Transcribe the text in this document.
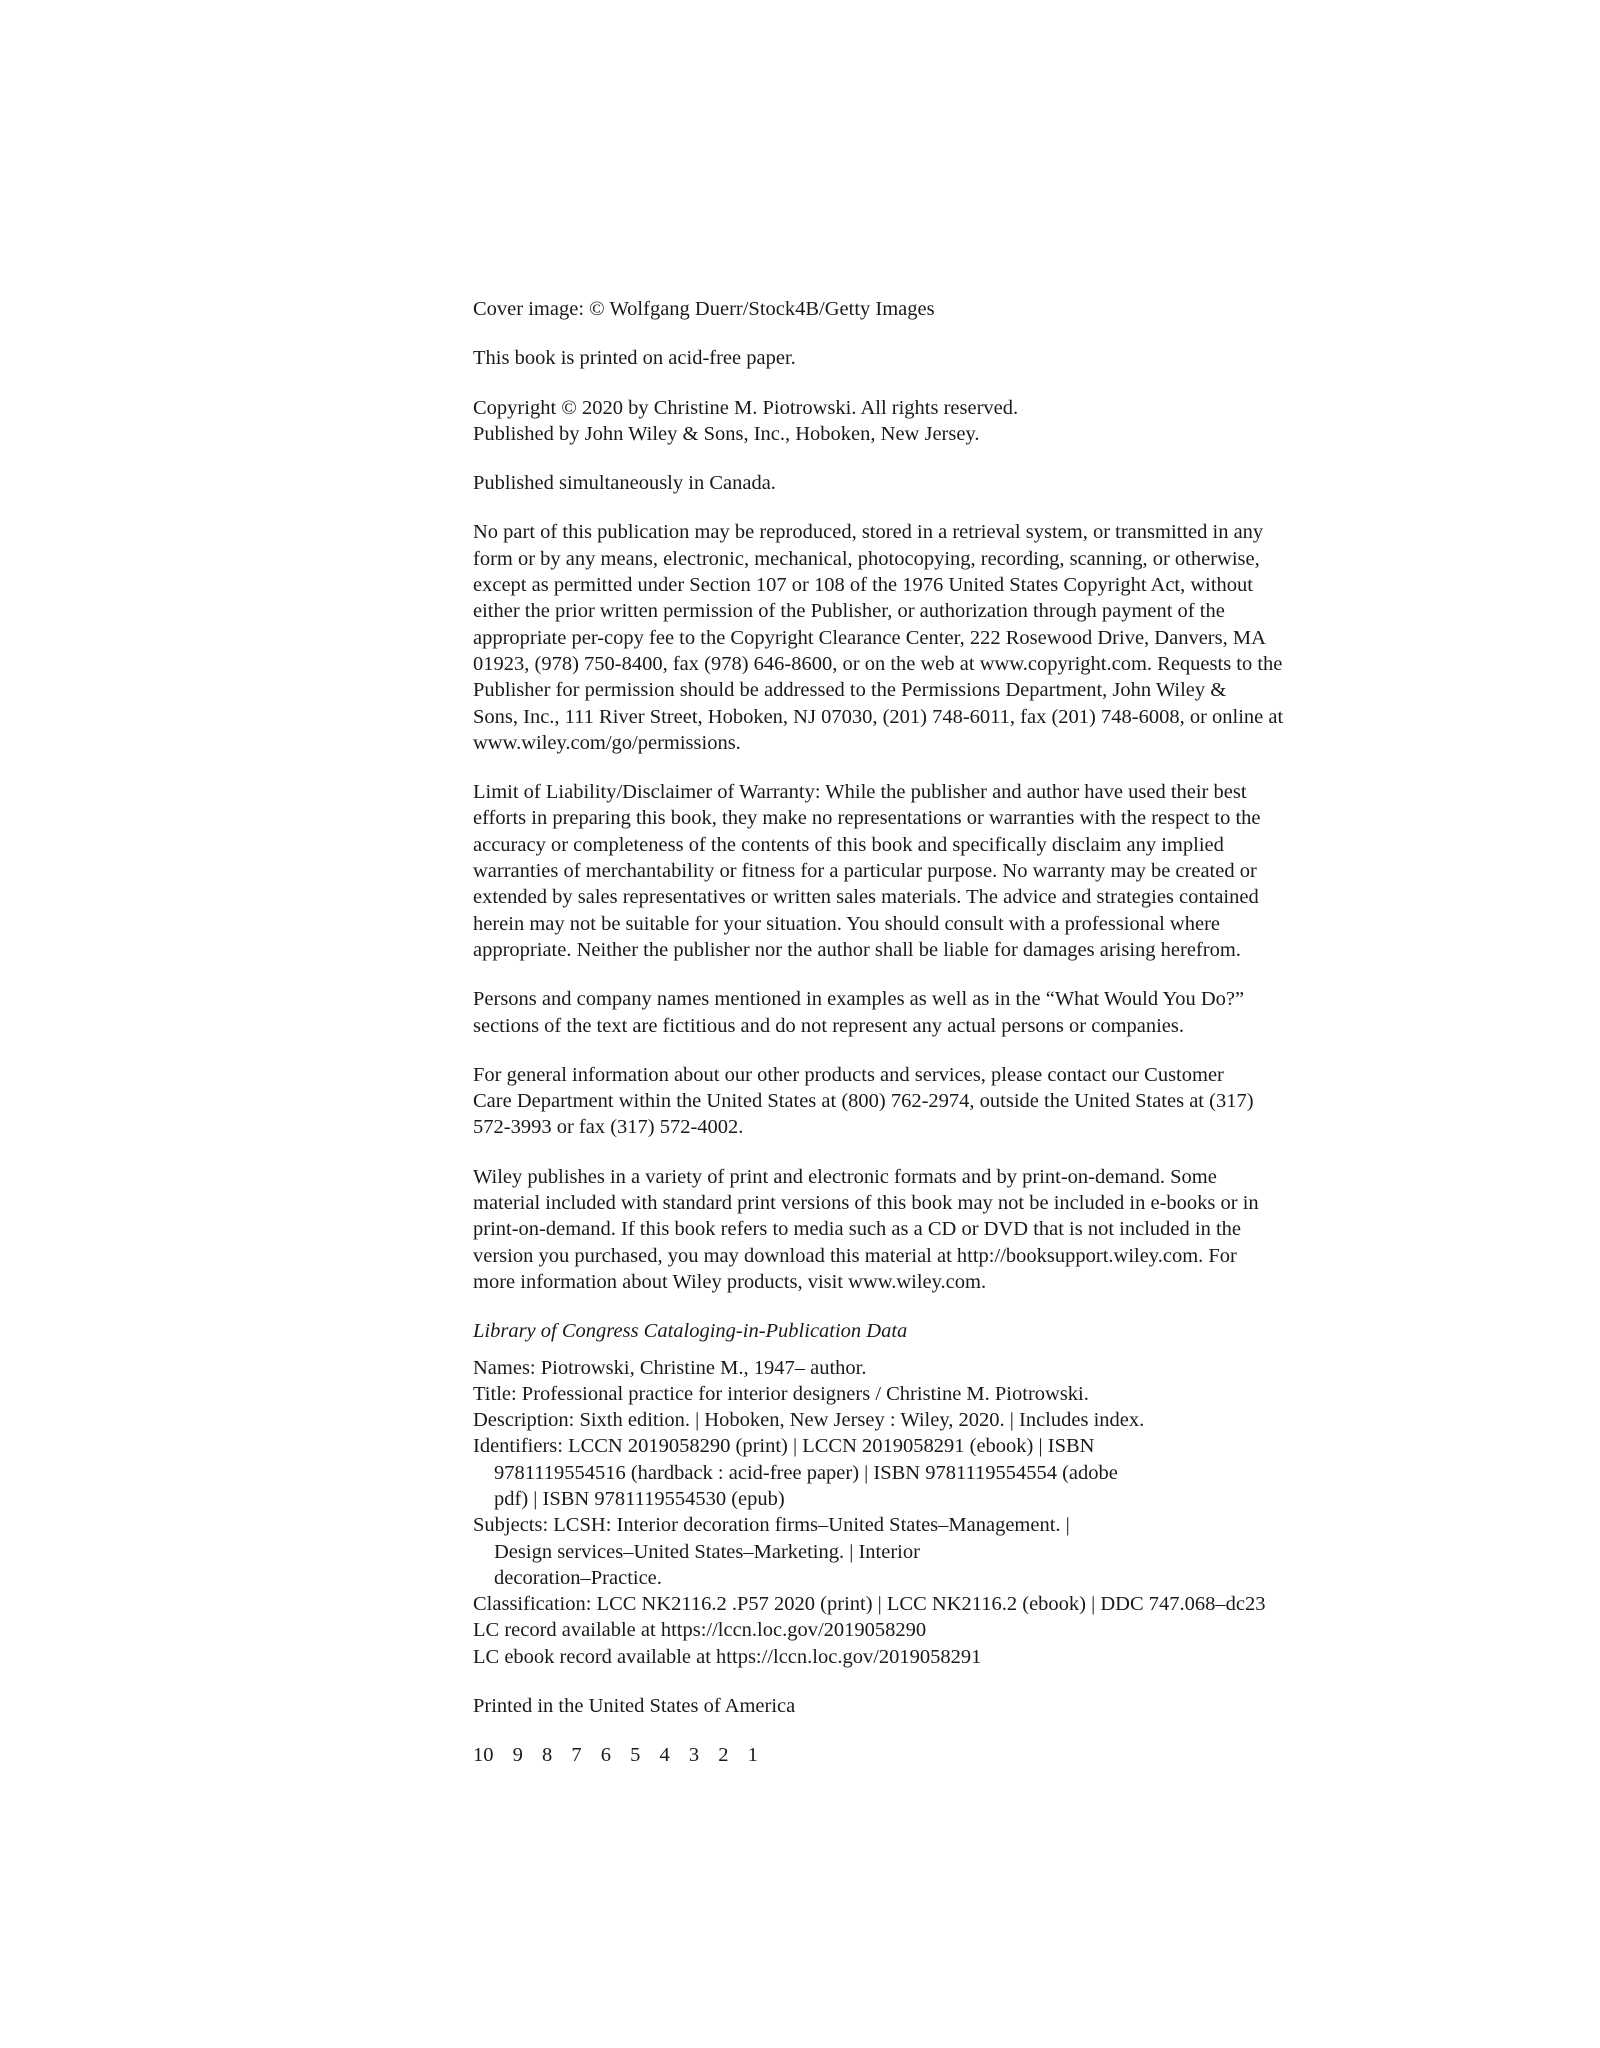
Cover image: © Wolfgang Duerr/Stock4B/Getty Images

This book is printed on acid-free paper.

Copyright © 2020 by Christine M. Piotrowski. All rights reserved.
Published by John Wiley & Sons, Inc., Hoboken, New Jersey.

Published simultaneously in Canada.

No part of this publication may be reproduced, stored in a retrieval system, or transmitted in any
form or by any means, electronic, mechanical, photocopying, recording, scanning, or otherwise,
except as permitted under Section 107 or 108 of the 1976 United States Copyright Act, without
either the prior written permission of the Publisher, or authorization through payment of the
appropriate per-copy fee to the Copyright Clearance Center, 222 Rosewood Drive, Danvers, MA
01923, (978) 750-8400, fax (978) 646-8600, or on the web at www.copyright.com. Requests to the
Publisher for permission should be addressed to the Permissions Department, John Wiley &
Sons, Inc., 111 River Street, Hoboken, NJ 07030, (201) 748-6011, fax (201) 748-6008, or online at
www.wiley.com/go/permissions.

Limit of Liability/Disclaimer of Warranty: While the publisher and author have used their best
efforts in preparing this book, they make no representations or warranties with the respect to the
accuracy or completeness of the contents of this book and specifically disclaim any implied
warranties of merchantability or fitness for a particular purpose. No warranty may be created or
extended by sales representatives or written sales materials. The advice and strategies contained
herein may not be suitable for your situation. You should consult with a professional where
appropriate. Neither the publisher nor the author shall be liable for damages arising herefrom.

Persons and company names mentioned in examples as well as in the “What Would You Do?”
sections of the text are fictitious and do not represent any actual persons or companies.

For general information about our other products and services, please contact our Customer
Care Department within the United States at (800) 762-2974, outside the United States at (317)
572-3993 or fax (317) 572-4002.

Wiley publishes in a variety of print and electronic formats and by print-on-demand. Some
material included with standard print versions of this book may not be included in e-books or in
print-on-demand. If this book refers to media such as a CD or DVD that is not included in the
version you purchased, you may download this material at http://booksupport.wiley.com. For
more information about Wiley products, visit www.wiley.com.

Library of Congress Cataloging-in-Publication Data

Names: Piotrowski, Christine M., 1947– author.
Title: Professional practice for interior designers / Christine M. Piotrowski.
Description: Sixth edition. | Hoboken, New Jersey : Wiley, 2020. | Includes index.
Identifiers: LCCN 2019058290 (print) | LCCN 2019058291 (ebook) | ISBN
9781119554516 (hardback : acid-free paper) | ISBN 9781119554554 (adobe
pdf) | ISBN 9781119554530 (epub)
Subjects: LCSH: Interior decoration firms–United States–Management. |
Design services–United States–Marketing. | Interior
decoration–Practice.
Classification: LCC NK2116.2 .P57 2020 (print) | LCC NK2116.2 (ebook) | DDC 747.068–dc23
LC record available at https://lccn.loc.gov/2019058290
LC ebook record available at https://lccn.loc.gov/2019058291

Printed in the United States of America

10 9 8 7 6 5 4 3 2 1
